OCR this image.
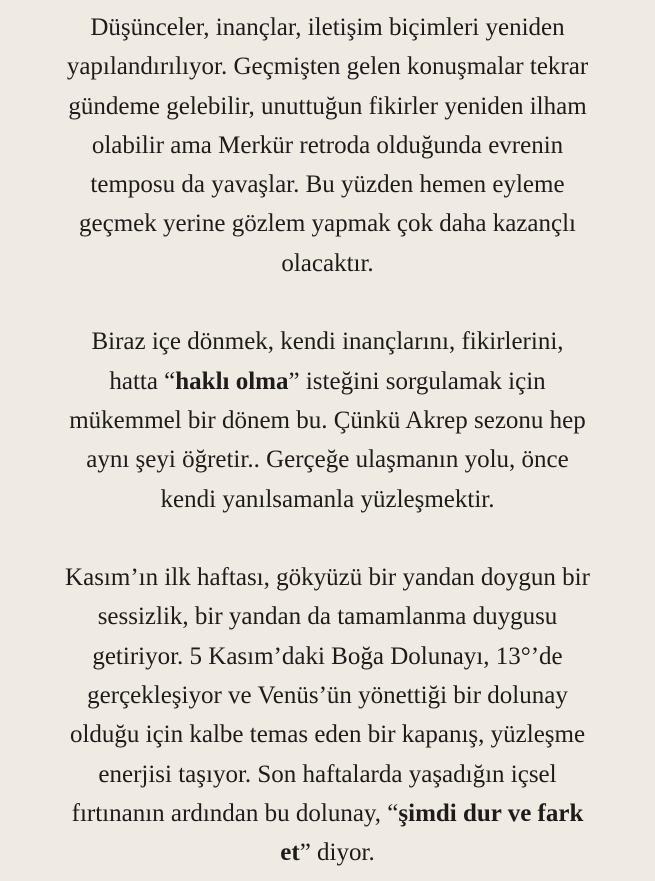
Düşünceler, inançlar, iletişim biçimleri yeniden
yapılandırılıyor. Geçmişten gelen konuşmalar tekrar
gündeme gelebilir, unuttuğun fikirler yeniden ilham
olabilir ama Merkür retroda olduğunda evrenin
temposu da yavaşlar. Bu yüzden hemen eyleme
geçmek yerine gözlem yapmak çok daha kazançlı
olacaktır.
Biraz içe dönmek, kendi inançlarını, fikirlerini,
hatta “haklı olma” isteğini sorgulamak için
mükemmel bir dönem bu. Çünkü Akrep sezonu hep
aynı şeyi öğretir.. Gerçeğe ulaşmanın yolu, önce
kendi yanılsamanla yüzleşmektir.
Kasım’ın ilk haftası, gökyüzü bir yandan doygun bir
sessizlik, bir yandan da tamamlanma duygusu
getiriyor. 5 Kasım’daki Boğa Dolunayı, 13°’de
gerçekleşiyor ve Venüs’ün yönettiği bir dolunay
olduğu için kalbe temas eden bir kapanış, yüzleşme
enerjisi taşıyor. Son haftalarda yaşadığın içsel
fırtınanın ardından bu dolunay, “şimdi dur ve fark
et” diyor.
